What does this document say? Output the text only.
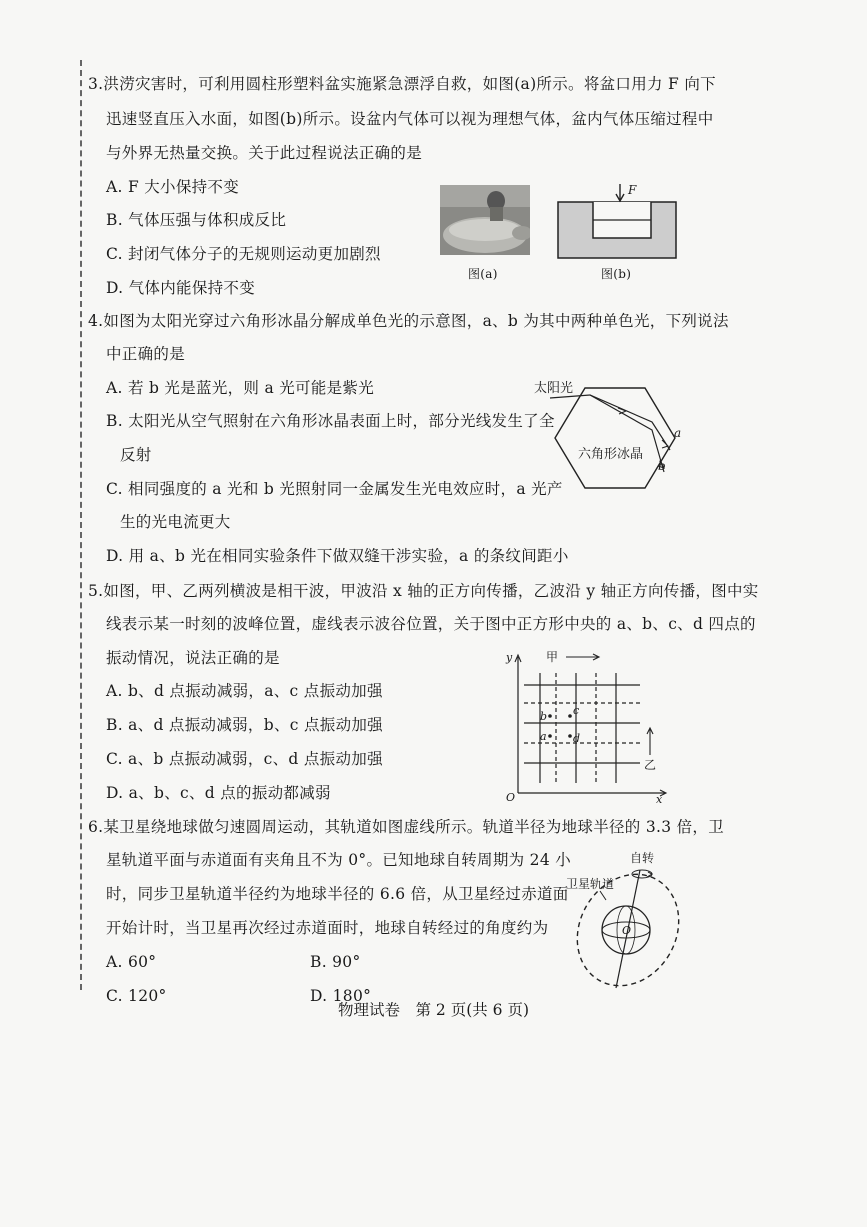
3.洪涝灾害时，可利用圆柱形塑料盆实施紧急漂浮自救，如图(a)所示。将盆口用力 F 向下
迅速竖直压入水面，如图(b)所示。设盆内气体可以视为理想气体，盆内气体压缩过程中
与外界无热量交换。关于此过程说法正确的是
A. F 大小保持不变
B. 气体压强与体积成反比
C. 封闭气体分子的无规则运动更加剧烈
D. 气体内能保持不变
图(a)
F
图(b)
4.如图为太阳光穿过六角形冰晶分解成单色光的示意图，a、b 为其中两种单色光，下列说法
中正确的是
A. 若 b 光是蓝光，则 a 光可能是紫光
B. 太阳光从空气照射在六角形冰晶表面上时，部分光线发生了全
反射
C. 相同强度的 a 光和 b 光照射同一金属发生光电效应时，a 光产
生的光电流更大
D. 用 a、b 光在相同实验条件下做双缝干涉实验，a 的条纹间距小
太阳光
六角形冰晶
a
b
5.如图，甲、乙两列横波是相干波，甲波沿 x 轴的正方向传播，乙波沿 y 轴正方向传播，图中实
线表示某一时刻的波峰位置，虚线表示波谷位置，关于图中正方形中央的 a、b、c、d 四点的
振动情况，说法正确的是
A. b、d 点振动减弱，a、c 点振动加强
B. a、d 点振动减弱，b、c 点振动加强
C. a、b 点振动减弱，c、d 点振动加强
D. a、b、c、d 点的振动都减弱
y
x
O
甲
乙
b c
a d
6.某卫星绕地球做匀速圆周运动，其轨道如图虚线所示。轨道半径为地球半径的 3.3 倍，卫
星轨道平面与赤道面有夹角且不为 0°。已知地球自转周期为 24 小
时，同步卫星轨道半径约为地球半径的 6.6 倍，从卫星经过赤道面
开始计时，当卫星再次经过赤道面时，地球自转经过的角度约为
A. 60°	B. 90°
C. 120°	D. 180°
自转
卫星轨道
O
物理试卷　第 2 页(共 6 页)
